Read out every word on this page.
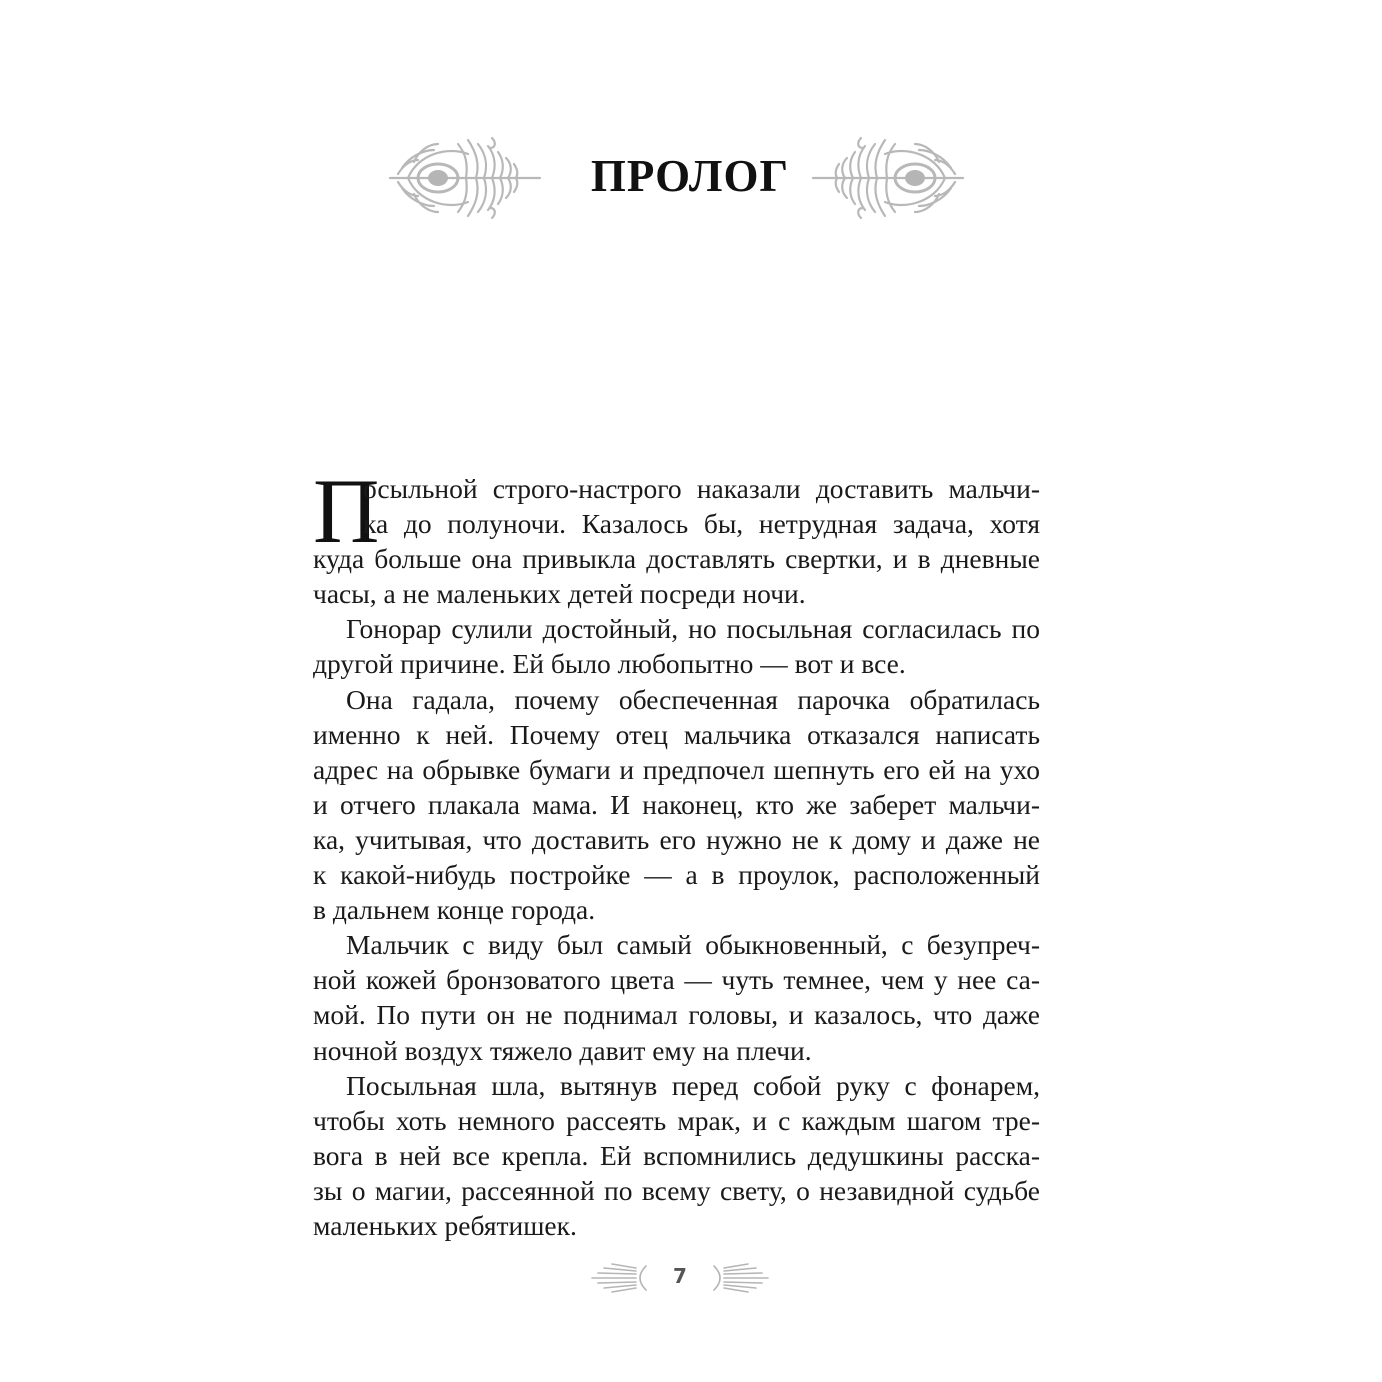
ПРОЛОГ
П
осыльной строго-настрого наказали доставить мальчи-
ка до полуночи. Казалось бы, нетрудная задача, хотя
куда больше она привыкла доставлять свертки, и в дневные
часы, а не маленьких детей посреди ночи.
Гонорар сулили достойный, но посыльная согласилась по
другой причине. Ей было любопытно — вот и все.
Она гадала, почему обеспеченная парочка обратилась
именно к ней. Почему отец мальчика отказался написать
адрес на обрывке бумаги и предпочел шепнуть его ей на ухо
и отчего плакала мама. И наконец, кто же заберет мальчи-
ка, учитывая, что доставить его нужно не к дому и даже не
к какой-нибудь постройке — а в проулок, расположенный
в дальнем конце города.
Мальчик с виду был самый обыкновенный, с безупреч-
ной кожей бронзоватого цвета — чуть темнее, чем у нее са-
мой. По пути он не поднимал головы, и казалось, что даже
ночной воздух тяжело давит ему на плечи.
Посыльная шла, вытянув перед собой руку с фонарем,
чтобы хоть немного рассеять мрак, и с каждым шагом тре-
вога в ней все крепла. Ей вспомнились дедушкины расска-
зы о магии, рассеянной по всему свету, о незавидной судьбе
маленьких ребятишек.
7
